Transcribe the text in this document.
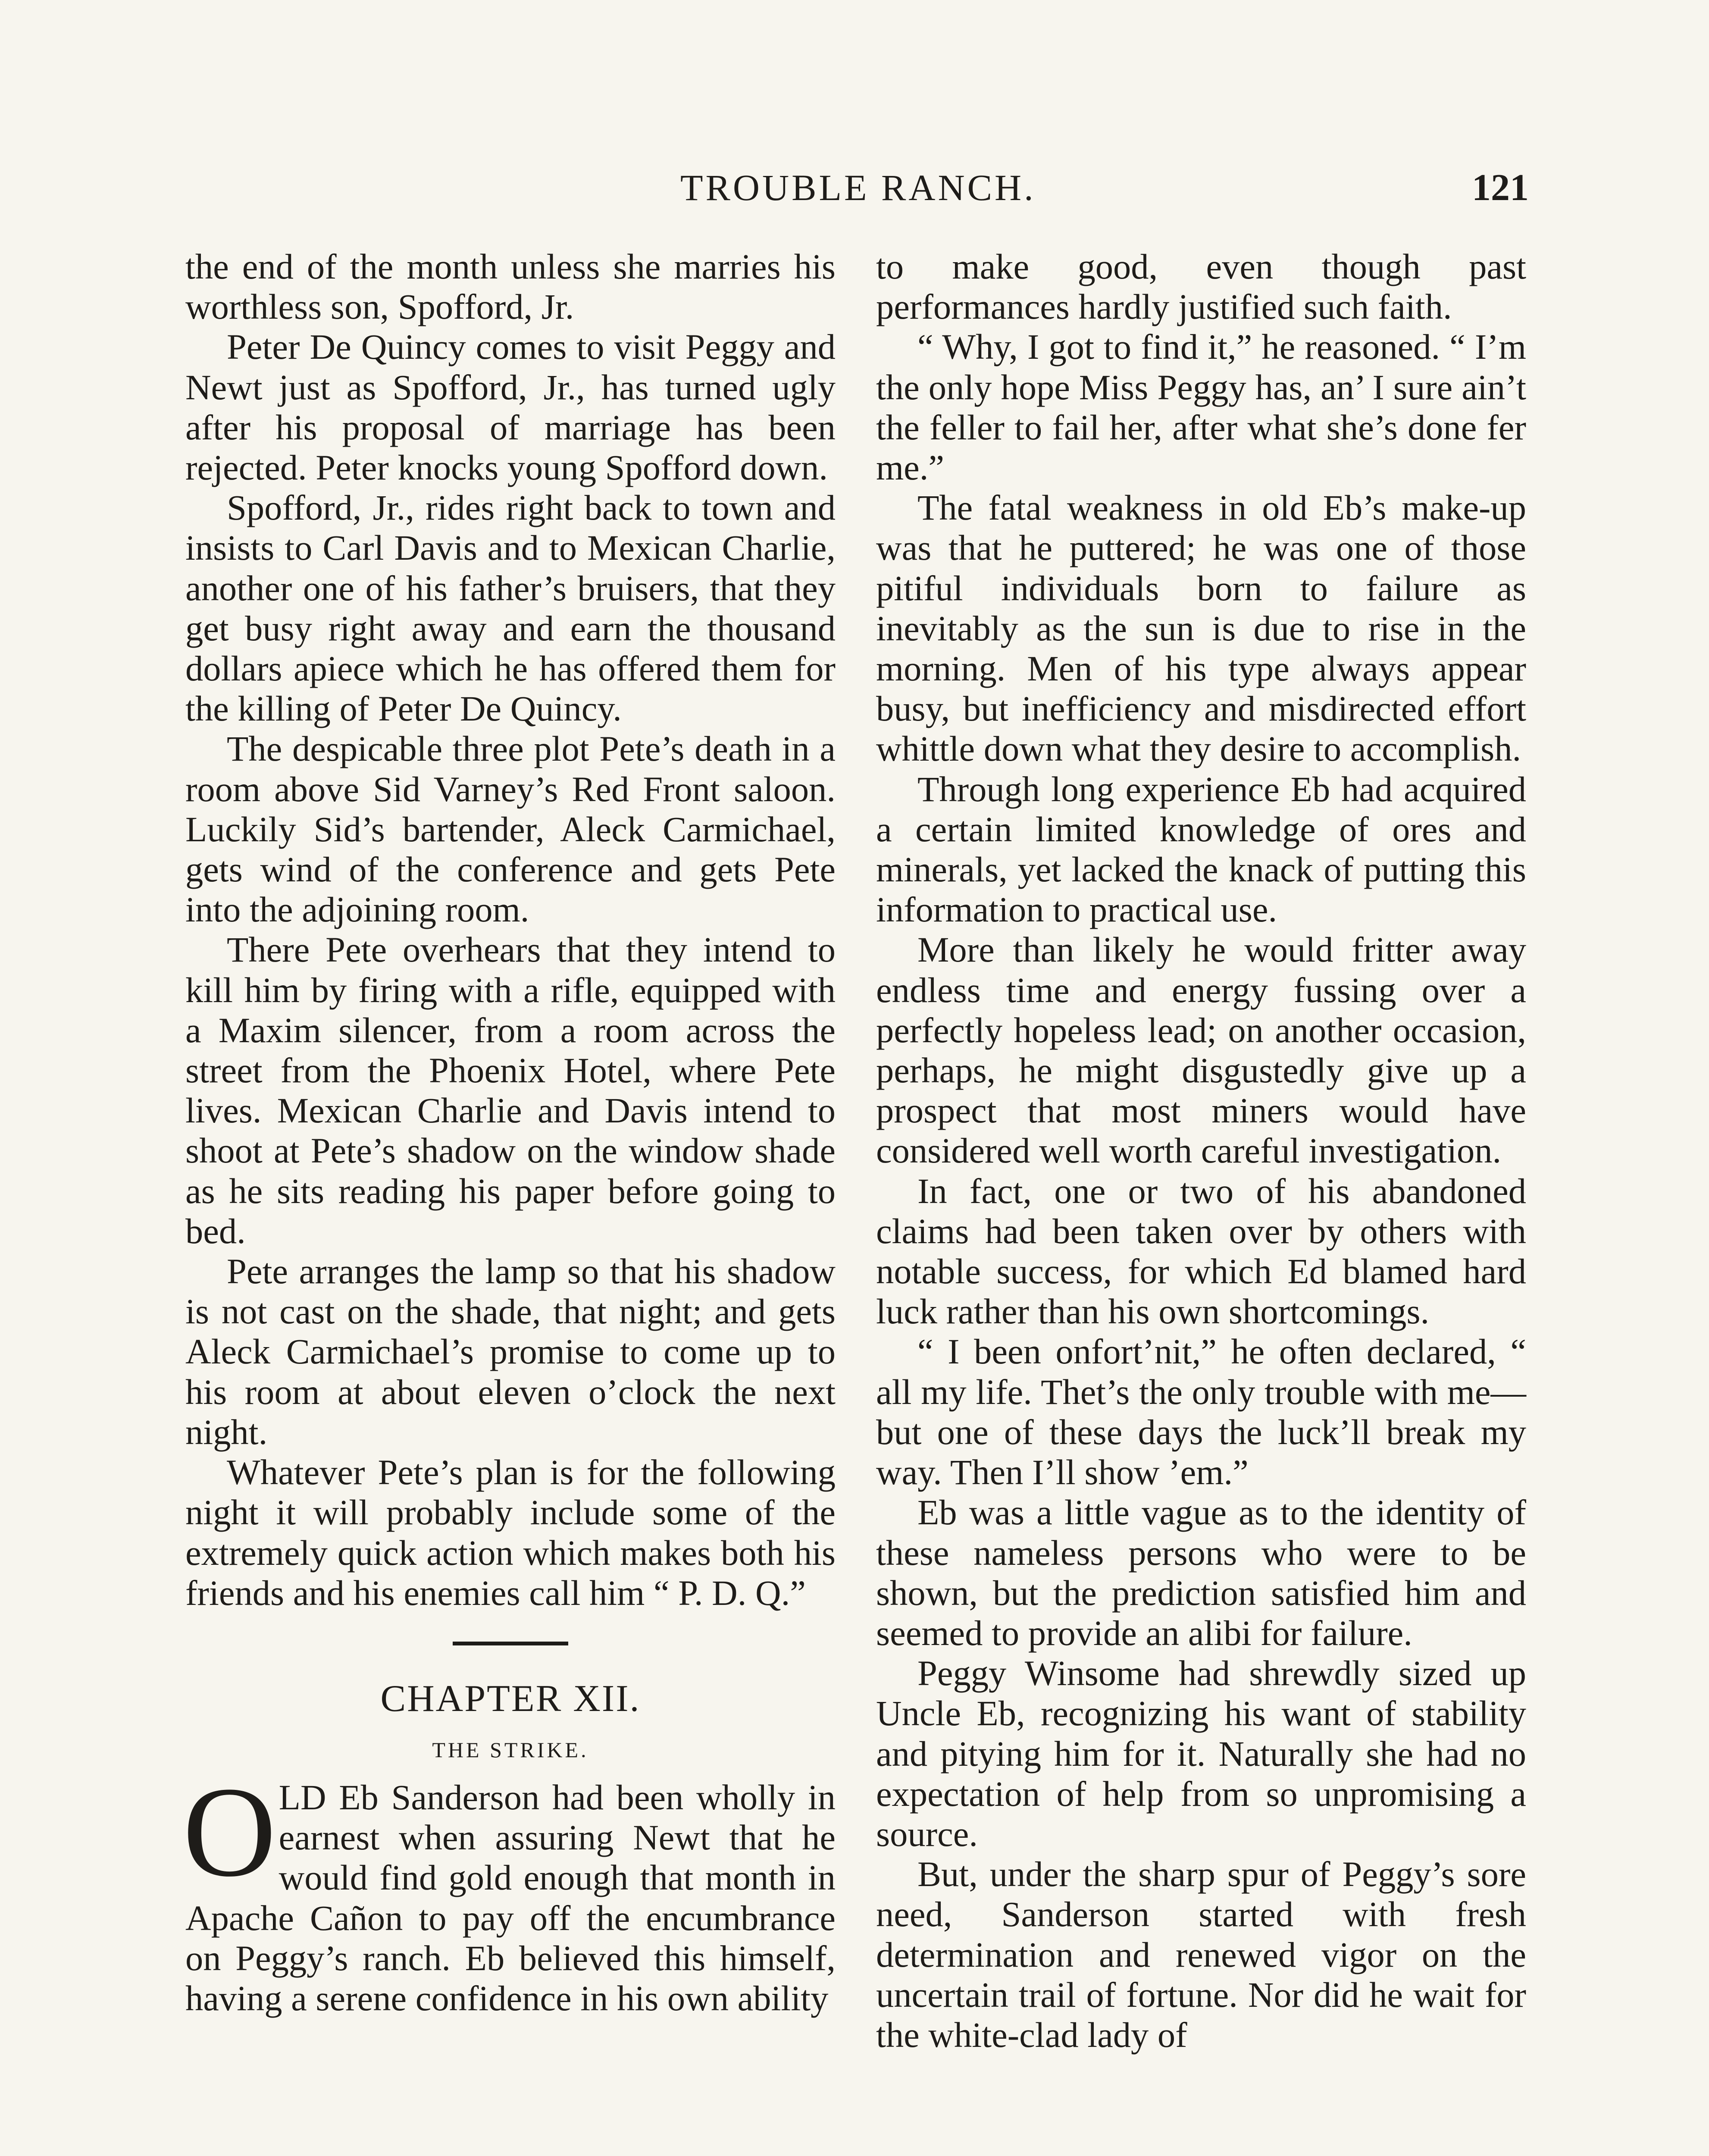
TROUBLE RANCH.	121

the end of the month unless she marries his worthless son, Spofford, Jr.

Peter De Quincy comes to visit Peggy and Newt just as Spofford, Jr., has turned ugly after his proposal of marriage has been rejected. Peter knocks young Spofford down.

Spofford, Jr., rides right back to town and insists to Carl Davis and to Mexican Charlie, another one of his father’s bruisers, that they get busy right away and earn the thousand dollars apiece which he has offered them for the killing of Peter De Quincy.

The despicable three plot Pete’s death in a room above Sid Varney’s Red Front saloon. Luckily Sid’s bartender, Aleck Carmichael, gets wind of the conference and gets Pete into the adjoining room.

There Pete overhears that they intend to kill him by firing with a rifle, equipped with a Maxim silencer, from a room across the street from the Phoenix Hotel, where Pete lives. Mexican Charlie and Davis intend to shoot at Pete’s shadow on the window shade as he sits reading his paper before going to bed.

Pete arranges the lamp so that his shadow is not cast on the shade, that night; and gets Aleck Carmichael’s promise to come up to his room at about eleven o’clock the next night.

Whatever Pete’s plan is for the following night it will probably include some of the extremely quick action which makes both his friends and his enemies call him “ P. D. Q.”

CHAPTER XII.
THE STRIKE.

OLD Eb Sanderson had been wholly in earnest when assuring Newt that he would find gold enough that month in Apache Cañon to pay off the encumbrance on Peggy’s ranch. Eb believed this himself, having a serene confidence in his own ability

to make good, even though past performances hardly justified such faith.

“ Why, I got to find it,” he reasoned. “ I’m the only hope Miss Peggy has, an’ I sure ain’t the feller to fail her, after what she’s done fer me.”

The fatal weakness in old Eb’s make-up was that he puttered; he was one of those pitiful individuals born to failure as inevitably as the sun is due to rise in the morning. Men of his type always appear busy, but inefficiency and misdirected effort whittle down what they desire to accomplish.

Through long experience Eb had acquired a certain limited knowledge of ores and minerals, yet lacked the knack of putting this information to practical use.

More than likely he would fritter away endless time and energy fussing over a perfectly hopeless lead; on another occasion, perhaps, he might disgustedly give up a prospect that most miners would have considered well worth careful investigation.

In fact, one or two of his abandoned claims had been taken over by others with notable success, for which Ed blamed hard luck rather than his own shortcomings.

“ I been onfort’nit,” he often declared, “ all my life. Thet’s the only trouble with me—but one of these days the luck’ll break my way. Then I’ll show ’em.”

Eb was a little vague as to the identity of these nameless persons who were to be shown, but the prediction satisfied him and seemed to provide an alibi for failure.

Peggy Winsome had shrewdly sized up Uncle Eb, recognizing his want of stability and pitying him for it. Naturally she had no expectation of help from so unpromising a source.

But, under the sharp spur of Peggy’s sore need, Sanderson started with fresh determination and renewed vigor on the uncertain trail of fortune. Nor did he wait for the white-clad lady of
